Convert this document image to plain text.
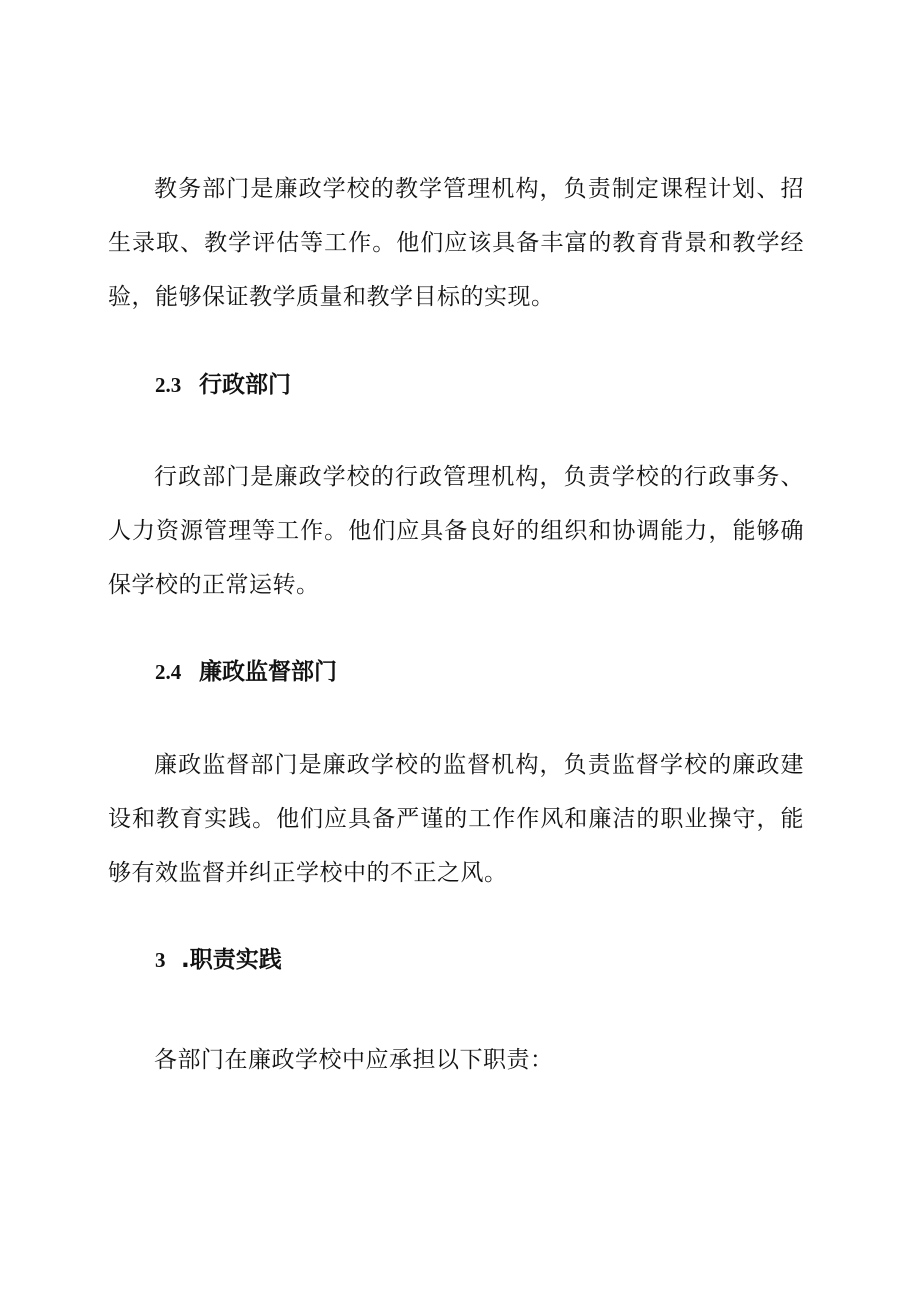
教务部门是廉政学校的教学管理机构，负责制定课程计划、招生录取、教学评估等工作。他们应该具备丰富的教育背景和教学经验，能够保证教学质量和教学目标的实现。

2.3 行政部门

行政部门是廉政学校的行政管理机构，负责学校的行政事务、人力资源管理等工作。他们应具备良好的组织和协调能力，能够确保学校的正常运转。

2.4 廉政监督部门

廉政监督部门是廉政学校的监督机构，负责监督学校的廉政建设和教育实践。他们应具备严谨的工作作风和廉洁的职业操守，能够有效监督并纠正学校中的不正之风。

3 .职责实践

各部门在廉政学校中应承担以下职责：
